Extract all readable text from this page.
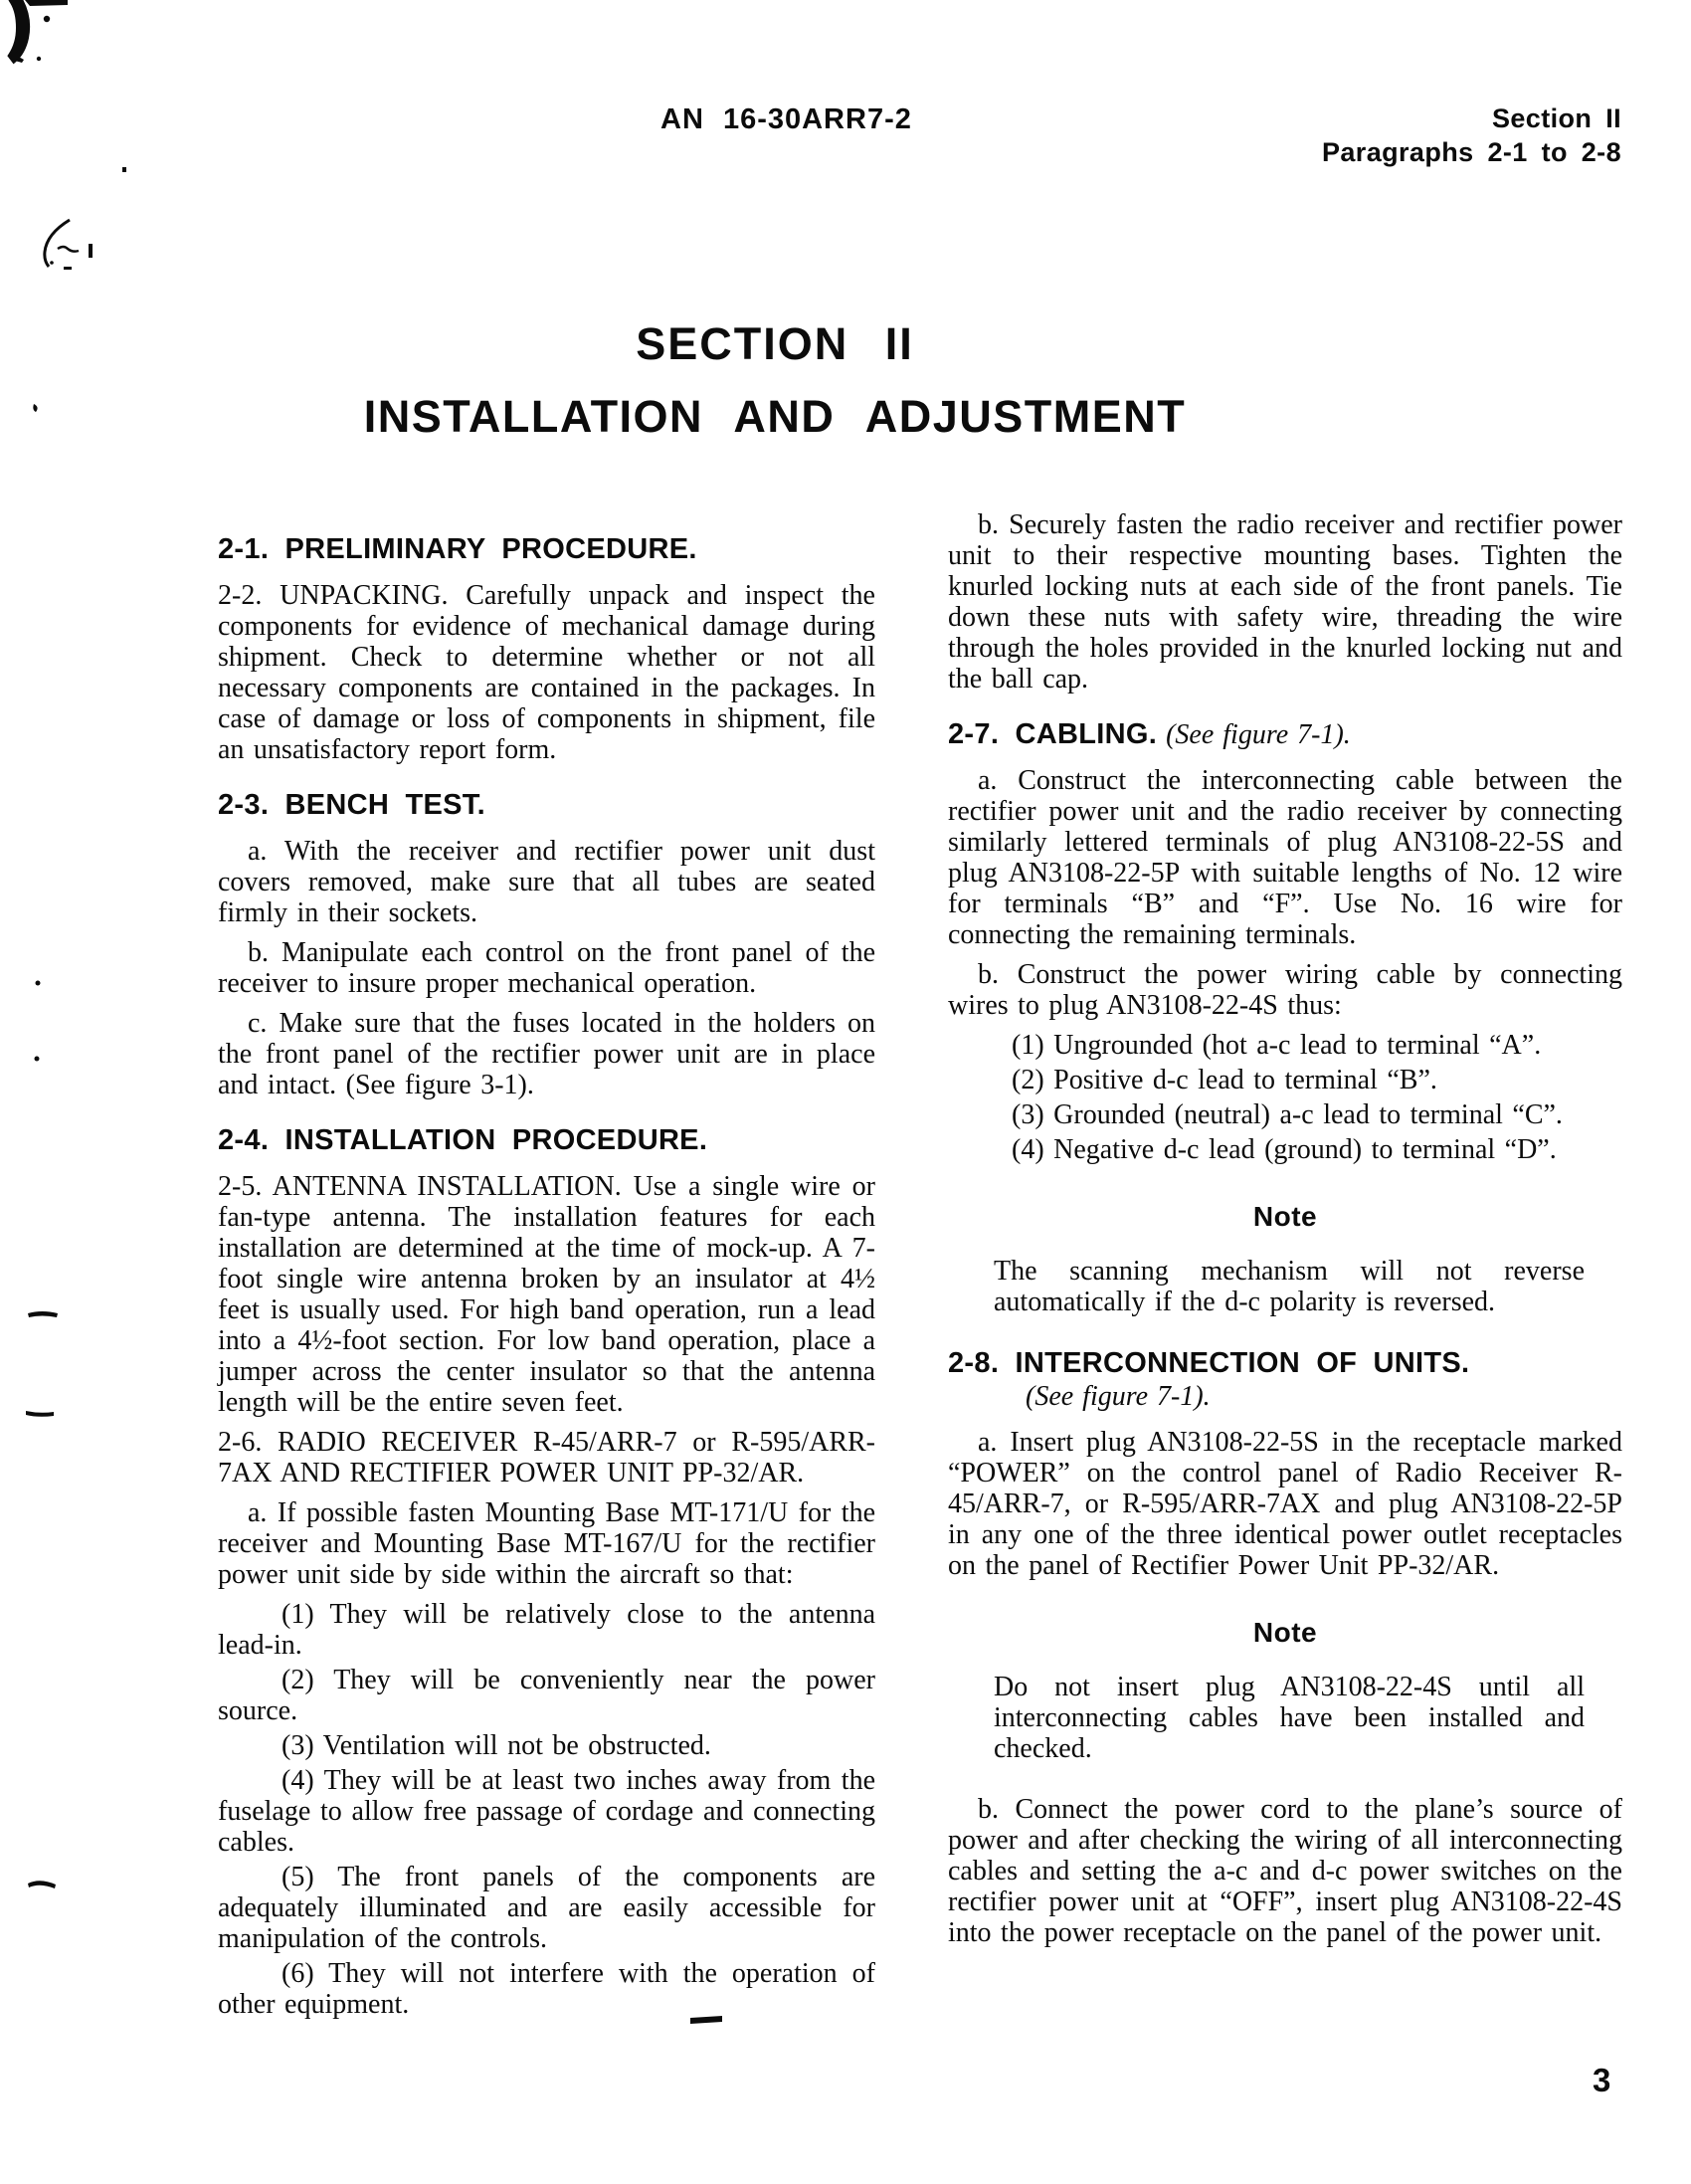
AN 16-30ARR7-2	Section II
Paragraphs 2-1 to 2-8
SECTION II
INSTALLATION AND ADJUSTMENT
2-1. PRELIMINARY PROCEDURE.
2-2. UNPACKING. Carefully unpack and inspect the components for evidence of mechanical damage during shipment. Check to determine whether or not all necessary components are contained in the packages. In case of damage or loss of components in shipment, file an unsatisfactory report form.
2-3. BENCH TEST.
a. With the receiver and rectifier power unit dust covers removed, make sure that all tubes are seated firmly in their sockets.
b. Manipulate each control on the front panel of the receiver to insure proper mechanical operation.
c. Make sure that the fuses located in the holders on the front panel of the rectifier power unit are in place and intact. (See figure 3-1).
2-4. INSTALLATION PROCEDURE.
2-5. ANTENNA INSTALLATION. Use a single wire or fan-type antenna. The installation features for each installation are determined at the time of mock-up. A 7-foot single wire antenna broken by an insulator at 4½ feet is usually used. For high band operation, run a lead into a 4½-foot section. For low band operation, place a jumper across the center insulator so that the antenna length will be the entire seven feet.
2-6. RADIO RECEIVER R-45/ARR-7 or R-595/ARR-7AX AND RECTIFIER POWER UNIT PP-32/AR.
a. If possible fasten Mounting Base MT-171/U for the receiver and Mounting Base MT-167/U for the rectifier power unit side by side within the aircraft so that:
(1) They will be relatively close to the antenna lead-in.
(2) They will be conveniently near the power source.
(3) Ventilation will not be obstructed.
(4) They will be at least two inches away from the fuselage to allow free passage of cordage and connecting cables.
(5) The front panels of the components are adequately illuminated and are easily accessible for manipulation of the controls.
(6) They will not interfere with the operation of other equipment.
b. Securely fasten the radio receiver and rectifier power unit to their respective mounting bases. Tighten the knurled locking nuts at each side of the front panels. Tie down these nuts with safety wire, threading the wire through the holes provided in the knurled locking nut and the ball cap.
2-7. CABLING. (See figure 7-1).
a. Construct the interconnecting cable between the rectifier power unit and the radio receiver by connecting similarly lettered terminals of plug AN3108-22-5S and plug AN3108-22-5P with suitable lengths of No. 12 wire for terminals “B” and “F”. Use No. 16 wire for connecting the remaining terminals.
b. Construct the power wiring cable by connecting wires to plug AN3108-22-4S thus:
(1) Ungrounded (hot a-c lead to terminal “A”.
(2) Positive d-c lead to terminal “B”.
(3) Grounded (neutral) a-c lead to terminal “C”.
(4) Negative d-c lead (ground) to terminal “D”.
Note
The scanning mechanism will not reverse automatically if the d-c polarity is reversed.
2-8. INTERCONNECTION OF UNITS.
(See figure 7-1).
a. Insert plug AN3108-22-5S in the receptacle marked “POWER” on the control panel of Radio Receiver R-45/ARR-7, or R-595/ARR-7AX and plug AN3108-22-5P in any one of the three identical power outlet receptacles on the panel of Rectifier Power Unit PP-32/AR.
Note
Do not insert plug AN3108-22-4S until all interconnecting cables have been installed and checked.
b. Connect the power cord to the plane’s source of power and after checking the wiring of all interconnecting cables and setting the a-c and d-c power switches on the rectifier power unit at “OFF”, insert plug AN3108-22-4S into the power receptacle on the panel of the power unit.
3
